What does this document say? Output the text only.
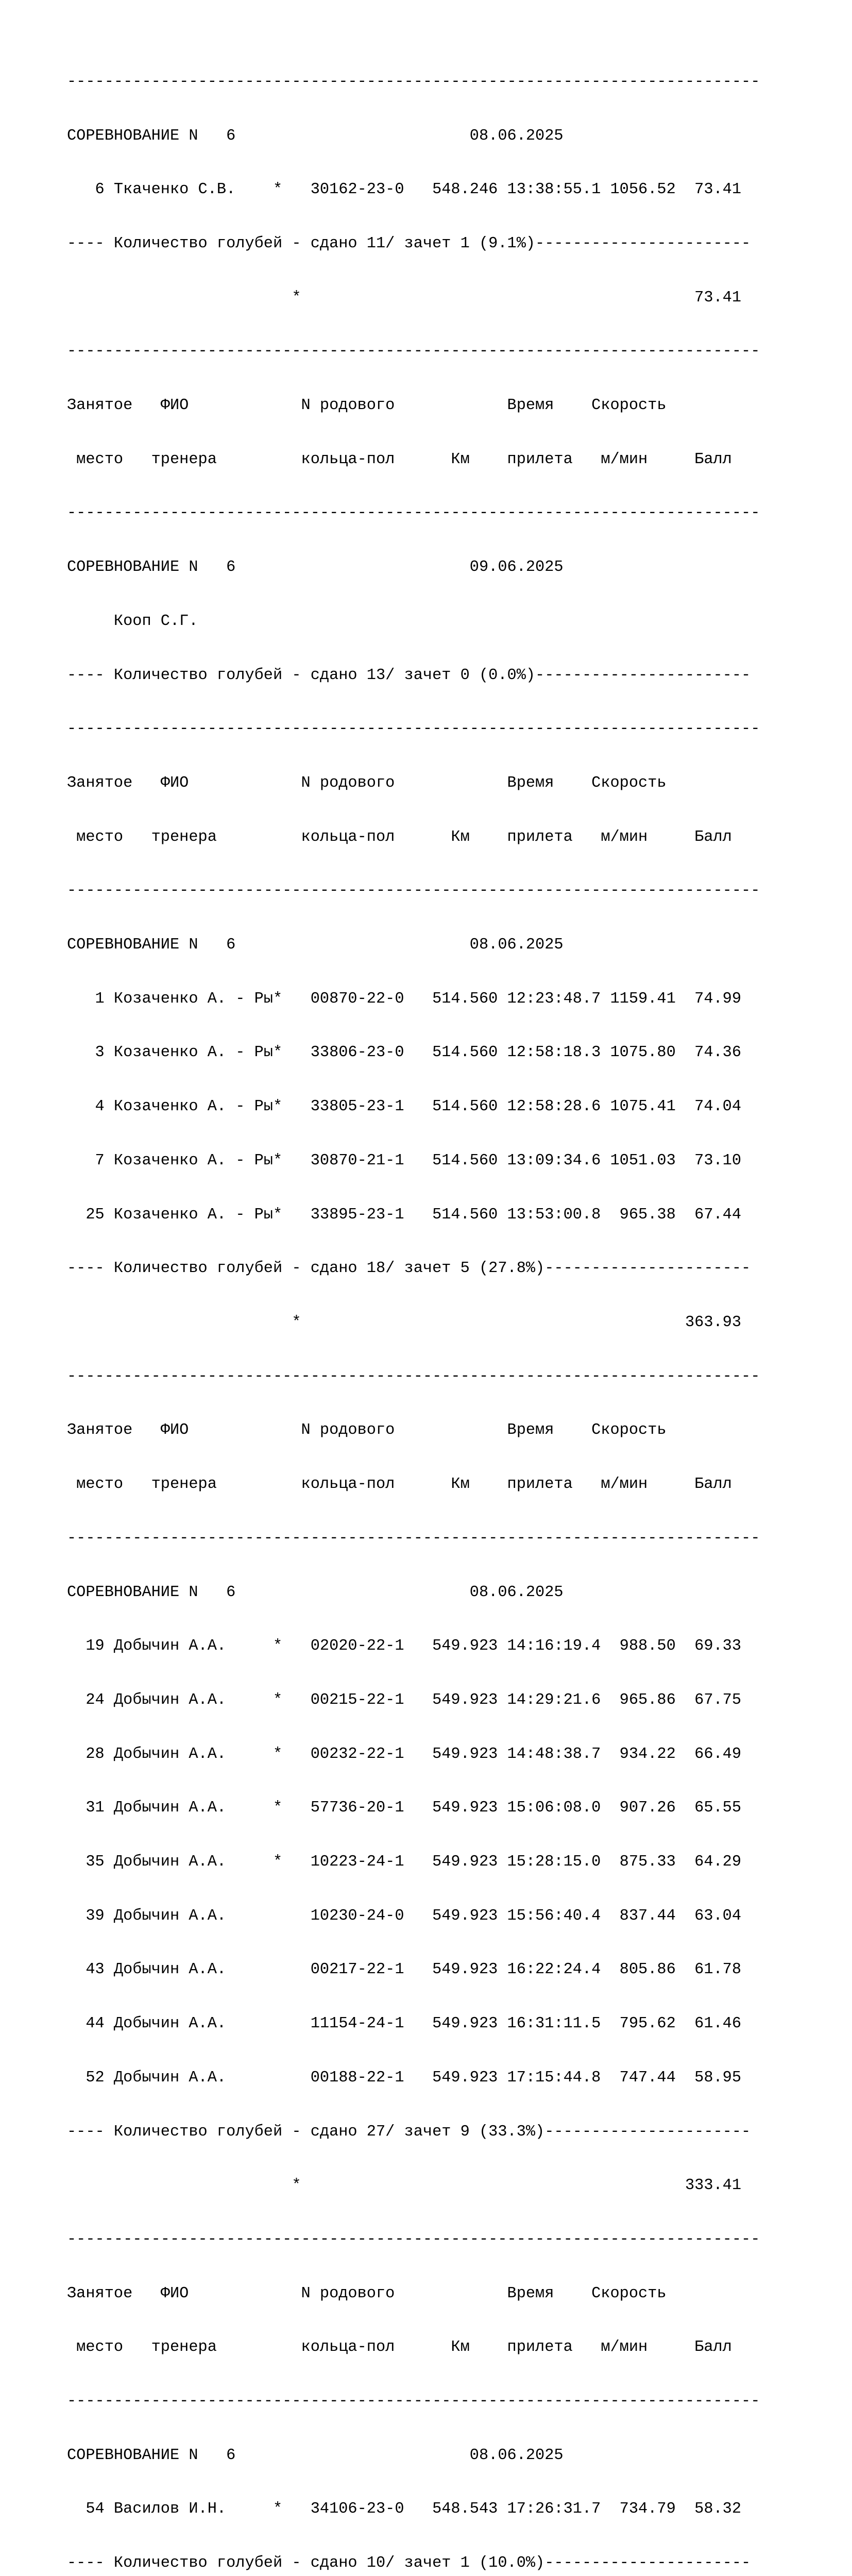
--------------------------------------------------------------------------

СОРЕВНОВАНИЕ N   6                         08.06.2025

6 Ткаченко С.В.    *   30162-23-0   548.246 13:38:55.1 1056.52  73.41

---- Количество голубей - сдано 11/ зачет 1 (9.1%)-----------------------

*                                          73.41

--------------------------------------------------------------------------

Занятое   ФИО            N родового            Время    Скорость

место   тренера         кольца-пол      Км    прилета   м/мин     Балл

--------------------------------------------------------------------------

СОРЕВНОВАНИЕ N   6                         09.06.2025

Кооп С.Г.

---- Количество голубей - сдано 13/ зачет 0 (0.0%)-----------------------

--------------------------------------------------------------------------

Занятое   ФИО            N родового            Время    Скорость

место   тренера         кольца-пол      Км    прилета   м/мин     Балл

--------------------------------------------------------------------------

СОРЕВНОВАНИЕ N   6                         08.06.2025

1 Козаченко А. - Ры*   00870-22-0   514.560 12:23:48.7 1159.41  74.99

3 Козаченко А. - Ры*   33806-23-0   514.560 12:58:18.3 1075.80  74.36

4 Козаченко А. - Ры*   33805-23-1   514.560 12:58:28.6 1075.41  74.04

7 Козаченко А. - Ры*   30870-21-1   514.560 13:09:34.6 1051.03  73.10

25 Козаченко А. - Ры*   33895-23-1   514.560 13:53:00.8  965.38  67.44

---- Количество голубей - сдано 18/ зачет 5 (27.8%)----------------------

*                                         363.93

--------------------------------------------------------------------------

Занятое   ФИО            N родового            Время    Скорость

место   тренера         кольца-пол      Км    прилета   м/мин     Балл

--------------------------------------------------------------------------

СОРЕВНОВАНИЕ N   6                         08.06.2025

19 Добычин А.А.     *   02020-22-1   549.923 14:16:19.4  988.50  69.33

24 Добычин А.А.     *   00215-22-1   549.923 14:29:21.6  965.86  67.75

28 Добычин А.А.     *   00232-22-1   549.923 14:48:38.7  934.22  66.49

31 Добычин А.А.     *   57736-20-1   549.923 15:06:08.0  907.26  65.55

35 Добычин А.А.     *   10223-24-1   549.923 15:28:15.0  875.33  64.29

39 Добычин А.А.         10230-24-0   549.923 15:56:40.4  837.44  63.04

43 Добычин А.А.         00217-22-1   549.923 16:22:24.4  805.86  61.78

44 Добычин А.А.         11154-24-1   549.923 16:31:11.5  795.62  61.46

52 Добычин А.А.         00188-22-1   549.923 17:15:44.8  747.44  58.95

---- Количество голубей - сдано 27/ зачет 9 (33.3%)----------------------

*                                         333.41

--------------------------------------------------------------------------

Занятое   ФИО            N родового            Время    Скорость

место   тренера         кольца-пол      Км    прилета   м/мин     Балл

--------------------------------------------------------------------------

СОРЕВНОВАНИЕ N   6                         08.06.2025

54 Василов И.Н.     *   34106-23-0   548.543 17:26:31.7  734.79  58.32

---- Количество голубей - сдано 10/ зачет 1 (10.0%)----------------------
